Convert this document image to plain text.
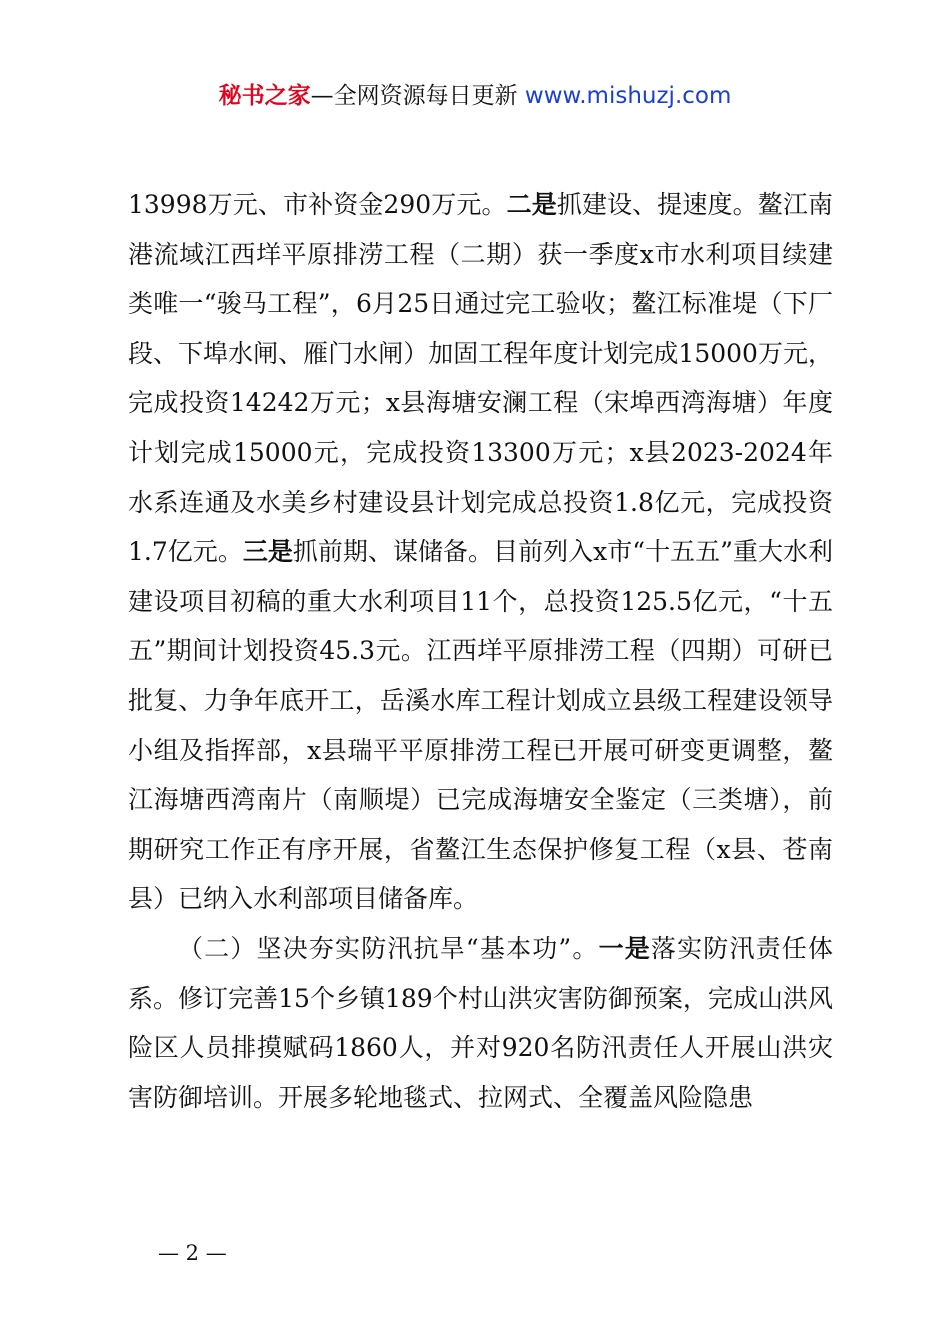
秘书之家—全网资源每日更新 www.mishuzj.com

13998万元、市补资金290万元。二是抓建设、提速度。鳌江南港流域江西垟平原排涝工程（二期）获一季度x市水利项目续建类唯一“骏马工程”，6月25日通过完工验收；鳌江标准堤（下厂段、下埠水闸、雁门水闸）加固工程年度计划完成15000万元，完成投资14242万元；x县海塘安澜工程（宋埠西湾海塘）年度计划完成15000元，完成投资13300万元；x县2023-2024年水系连通及水美乡村建设县计划完成总投资1.8亿元，完成投资1.7亿元。三是抓前期、谋储备。目前列入x市“十五五”重大水利建设项目初稿的重大水利项目11个，总投资125.5亿元，“十五五”期间计划投资45.3元。江西垟平原排涝工程（四期）可研已批复、力争年底开工，岳溪水库工程计划成立县级工程建设领导小组及指挥部，x县瑞平平原排涝工程已开展可研变更调整，鳌江海塘西湾南片（南顺堤）已完成海塘安全鉴定（三类塘），前期研究工作正有序开展，省鳌江生态保护修复工程（x县、苍南县）已纳入水利部项目储备库。

（二）坚决夯实防汛抗旱“基本功”。一是落实防汛责任体系。修订完善15个乡镇189个村山洪灾害防御预案，完成山洪风险区人员排摸赋码1860人，并对920名防汛责任人开展山洪灾害防御培训。开展多轮地毯式、拉网式、全覆盖风险隐患

— 2 —
